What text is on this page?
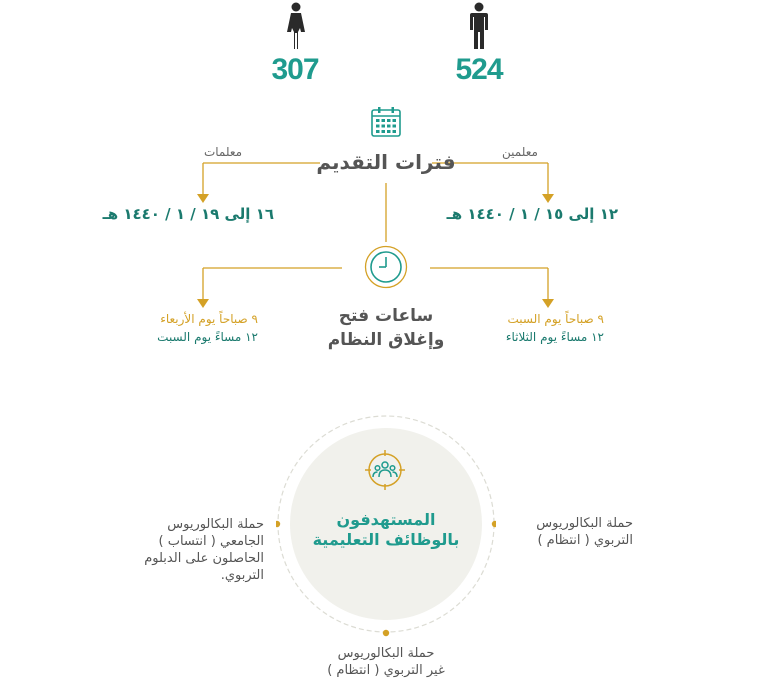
307	524
فترات التقديم	معلمين
معلمات
١٢ إلى ١٥ / ١ / ١٤٤٠ هـ
١٦ إلى ١٩ / ١ / ١٤٤٠ هـ
ساعات فتح
وإغلاق النظام
٩ صباحاً يوم السبت
١٢ مساءً يوم الثلاثاء
٩ صباحاً يوم الأربعاء
١٢ مساءً يوم السبت
المستهدفون
بالوظائف التعليمية
حملة البكالوريوس
التربوي ( انتظام )
حملة البكالوريوس
الجامعي ( انتساب )
الحاصلون على الدبلوم
التربوي.
حملة البكالوريوس
غير التربوي ( انتظام )
